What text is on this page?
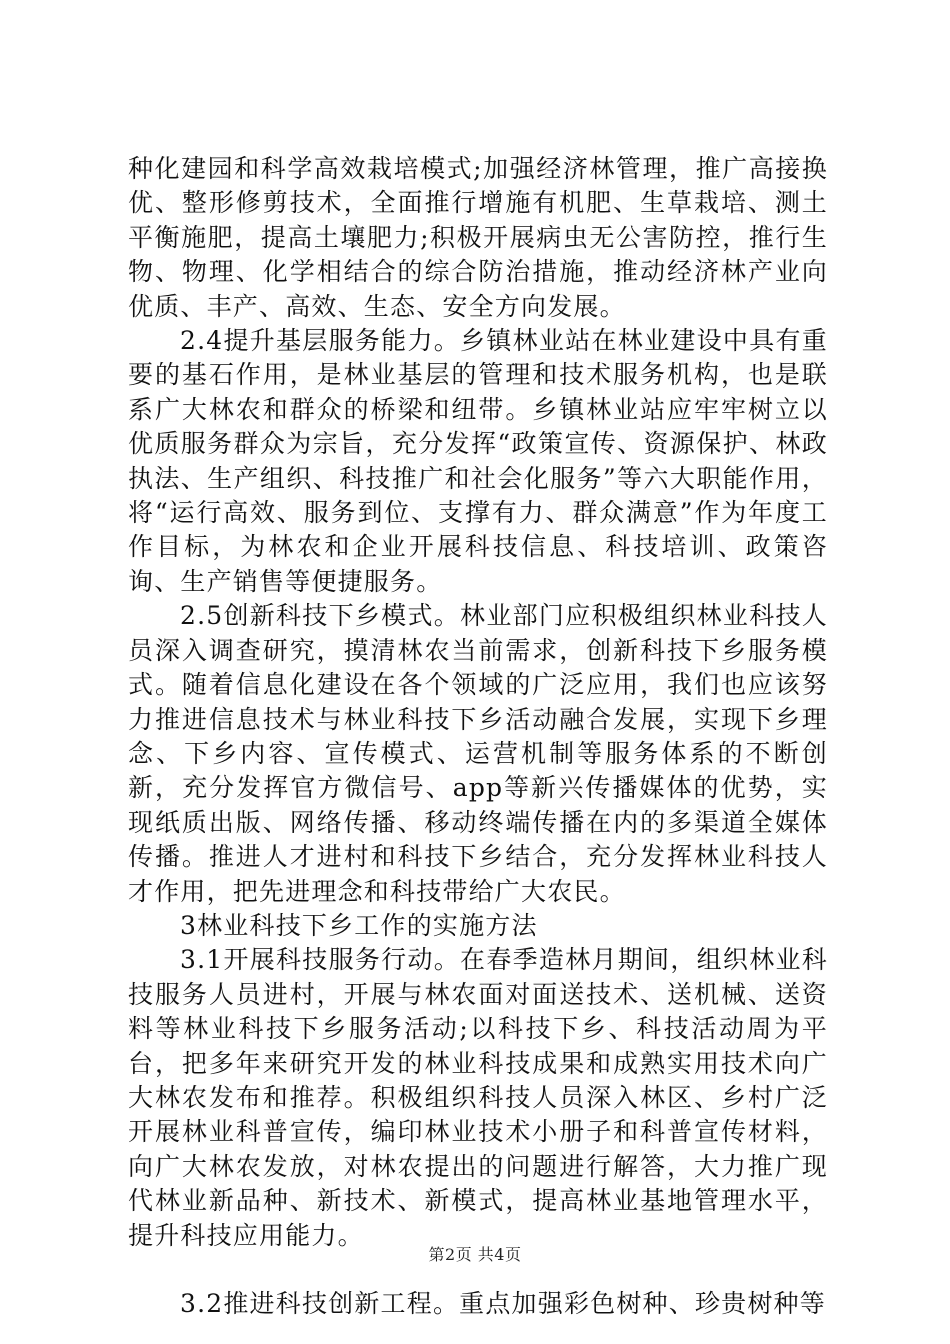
种化建园和科学高效栽培模式;加强经济林管理，推广高接换优、整形修剪技术，全面推行增施有机肥、生草栽培、测土平衡施肥，提高土壤肥力;积极开展病虫无公害防控，推行生物、物理、化学相结合的综合防治措施，推动经济林产业向优质、丰产、高效、生态、安全方向发展。

2.4提升基层服务能力。乡镇林业站在林业建设中具有重要的基石作用，是林业基层的管理和技术服务机构，也是联系广大林农和群众的桥梁和纽带。乡镇林业站应牢牢树立以优质服务群众为宗旨，充分发挥“政策宣传、资源保护、林政执法、生产组织、科技推广和社会化服务”等六大职能作用，将“运行高效、服务到位、支撑有力、群众满意”作为年度工作目标，为林农和企业开展科技信息、科技培训、政策咨询、生产销售等便捷服务。

2.5创新科技下乡模式。林业部门应积极组织林业科技人员深入调查研究，摸清林农当前需求，创新科技下乡服务模式。随着信息化建设在各个领域的广泛应用，我们也应该努力推进信息技术与林业科技下乡活动融合发展，实现下乡理念、下乡内容、宣传模式、运营机制等服务体系的不断创新，充分发挥官方微信号、app等新兴传播媒体的优势，实现纸质出版、网络传播、移动终端传播在内的多渠道全媒体传播。推进人才进村和科技下乡结合，充分发挥林业科技人才作用，把先进理念和科技带给广大农民。

3林业科技下乡工作的实施方法

3.1开展科技服务行动。在春季造林月期间，组织林业科技服务人员进村，开展与林农面对面送技术、送机械、送资料等林业科技下乡服务活动;以科技下乡、科技活动周为平台，把多年来研究开发的林业科技成果和成熟实用技术向广大林农发布和推荐。积极组织科技人员深入林区、乡村广泛开展林业科普宣传，编印林业技术小册子和科普宣传材料，向广大林农发放，对林农提出的问题进行解答，大力推广现代林业新品种、新技术、新模式，提高林业基地管理水平，提升科技应用能力。

3.2推进科技创新工程。重点加强彩色树种、珍贵树种等

第2页 共4页
